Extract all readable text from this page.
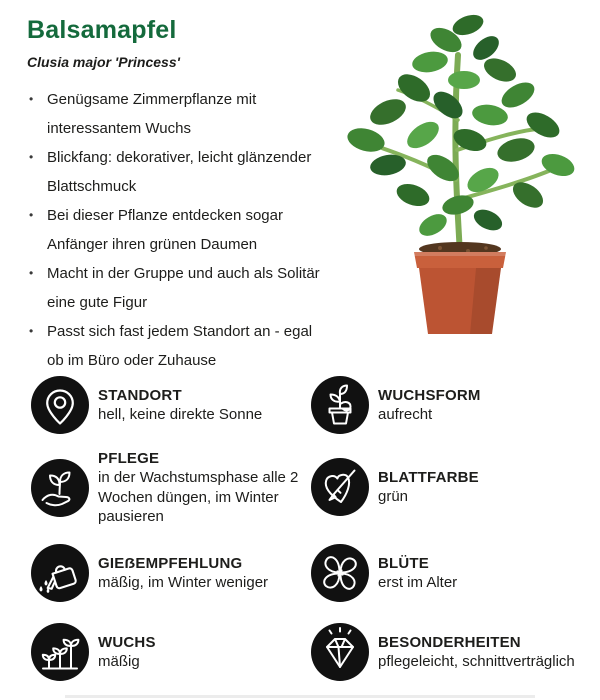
Balsamapfel

Clusia major 'Princess'

• Genügsame Zimmerpflanze mit interessantem Wuchs
• Blickfang: dekorativer, leicht glänzender Blattschmuck
• Bei dieser Pflanze entdecken sogar Anfänger ihren grünen Daumen
• Macht in der Gruppe und auch als Solitär eine gute Figur
• Passt sich fast jedem Standort an - egal ob im Büro oder Zuhause
STANDORT
hell, keine direkte Sonne
PFLEGE
in der Wachstumsphase alle 2 Wochen düngen, im Winter pausieren
GIEẞEMPFEHLUNG
mäßig, im Winter weniger
WUCHS
mäßig
WUCHSFORM
aufrecht
BLATTFARBE
grün
BLÜTE
erst im Alter
BESONDERHEITEN
pflegeleicht, schnittverträglich
